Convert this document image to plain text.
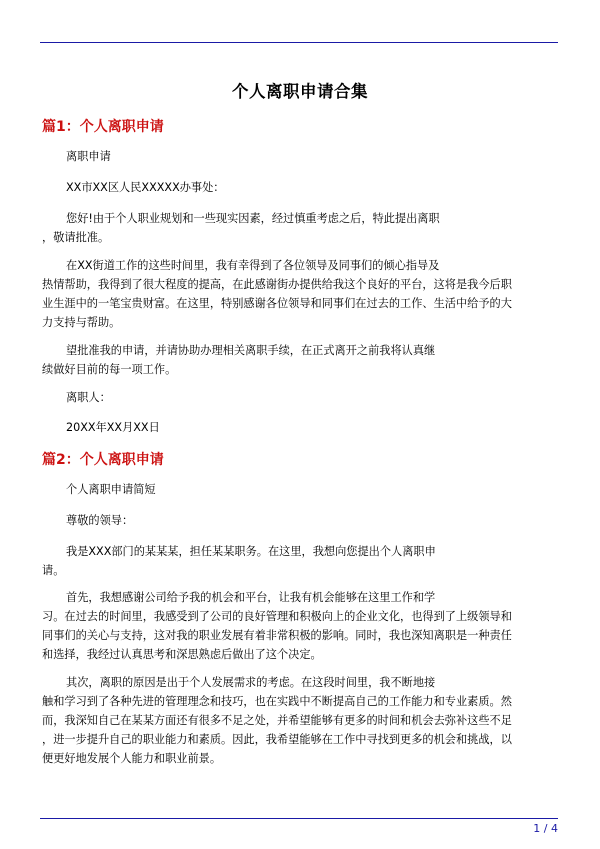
个人离职申请合集
篇1：个人离职申请
离职申请
XX市XX区人民XXXXX办事处：
您好!由于个人职业规划和一些现实因素，经过慎重考虑之后，特此提出离职
，敬请批准。
在XX街道工作的这些时间里，我有幸得到了各位领导及同事们的倾心指导及
热情帮助，我得到了很大程度的提高，在此感谢街办提供给我这个良好的平台，这将是我今后职
业生涯中的一笔宝贵财富。在这里，特别感谢各位领导和同事们在过去的工作、生活中给予的大
力支持与帮助。
望批准我的申请，并请协助办理相关离职手续，在正式离开之前我将认真继
续做好目前的每一项工作。
离职人：
20XX年XX月XX日
篇2：个人离职申请
个人离职申请简短
尊敬的领导：
我是XXX部门的某某某，担任某某职务。在这里，我想向您提出个人离职申
请。
首先，我想感谢公司给予我的机会和平台，让我有机会能够在这里工作和学
习。在过去的时间里，我感受到了公司的良好管理和积极向上的企业文化，也得到了上级领导和
同事们的关心与支持，这对我的职业发展有着非常积极的影响。同时，我也深知离职是一种责任
和选择，我经过认真思考和深思熟虑后做出了这个决定。
其次，离职的原因是出于个人发展需求的考虑。在这段时间里，我不断地接
触和学习到了各种先进的管理理念和技巧，也在实践中不断提高自己的工作能力和专业素质。然
而，我深知自己在某某方面还有很多不足之处，并希望能够有更多的时间和机会去弥补这些不足
，进一步提升自己的职业能力和素质。因此，我希望能够在工作中寻找到更多的机会和挑战，以
便更好地发展个人能力和职业前景。
1 / 4
